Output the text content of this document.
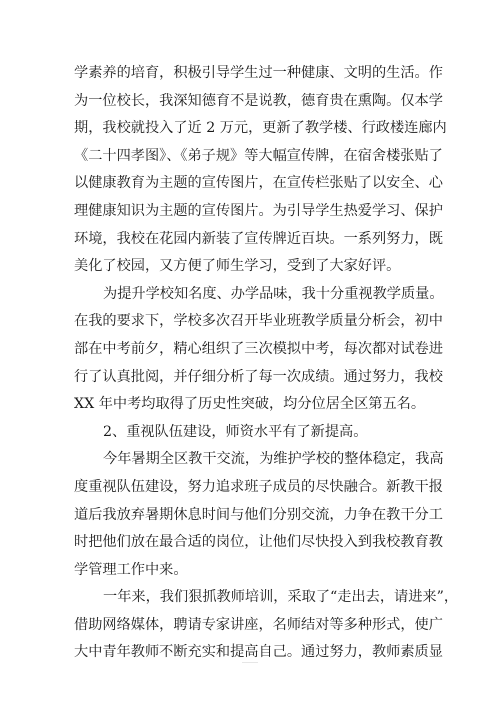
学素养的培育，积极引导学生过一种健康、文明的生活。作
为一位校长，我深知德育不是说教，德育贵在熏陶。仅本学
期，我校就投入了近 2 万元，更新了教学楼、行政楼连廊内
《二十四孝图》、《弟子规》等大幅宣传牌，在宿舍楼张贴了
以健康教育为主题的宣传图片，在宣传栏张贴了以安全、心
理健康知识为主题的宣传图片。为引导学生热爱学习、保护
环境，我校在花园内新装了宣传牌近百块。一系列努力，既
美化了校园，又方便了师生学习，受到了大家好评。
为提升学校知名度、办学品味，我十分重视教学质量。
在我的要求下，学校多次召开毕业班教学质量分析会，初中
部在中考前夕，精心组织了三次模拟中考，每次都对试卷进
行了认真批阅，并仔细分析了每一次成绩。通过努力，我校
XX 年中考均取得了历史性突破，均分位居全区第五名。
2、重视队伍建设，师资水平有了新提高。
今年暑期全区教干交流，为维护学校的整体稳定，我高
度重视队伍建设，努力追求班子成员的尽快融合。新教干报
道后我放弃暑期休息时间与他们分别交流，力争在教干分工
时把他们放在最合适的岗位，让他们尽快投入到我校教育教
学管理工作中来。
一年来，我们狠抓教师培训，采取了“走出去，请进来”，
借助网络媒体，聘请专家讲座，名师结对等多种形式，使广
大中青年教师不断充实和提高自己。通过努力，教师素质显
